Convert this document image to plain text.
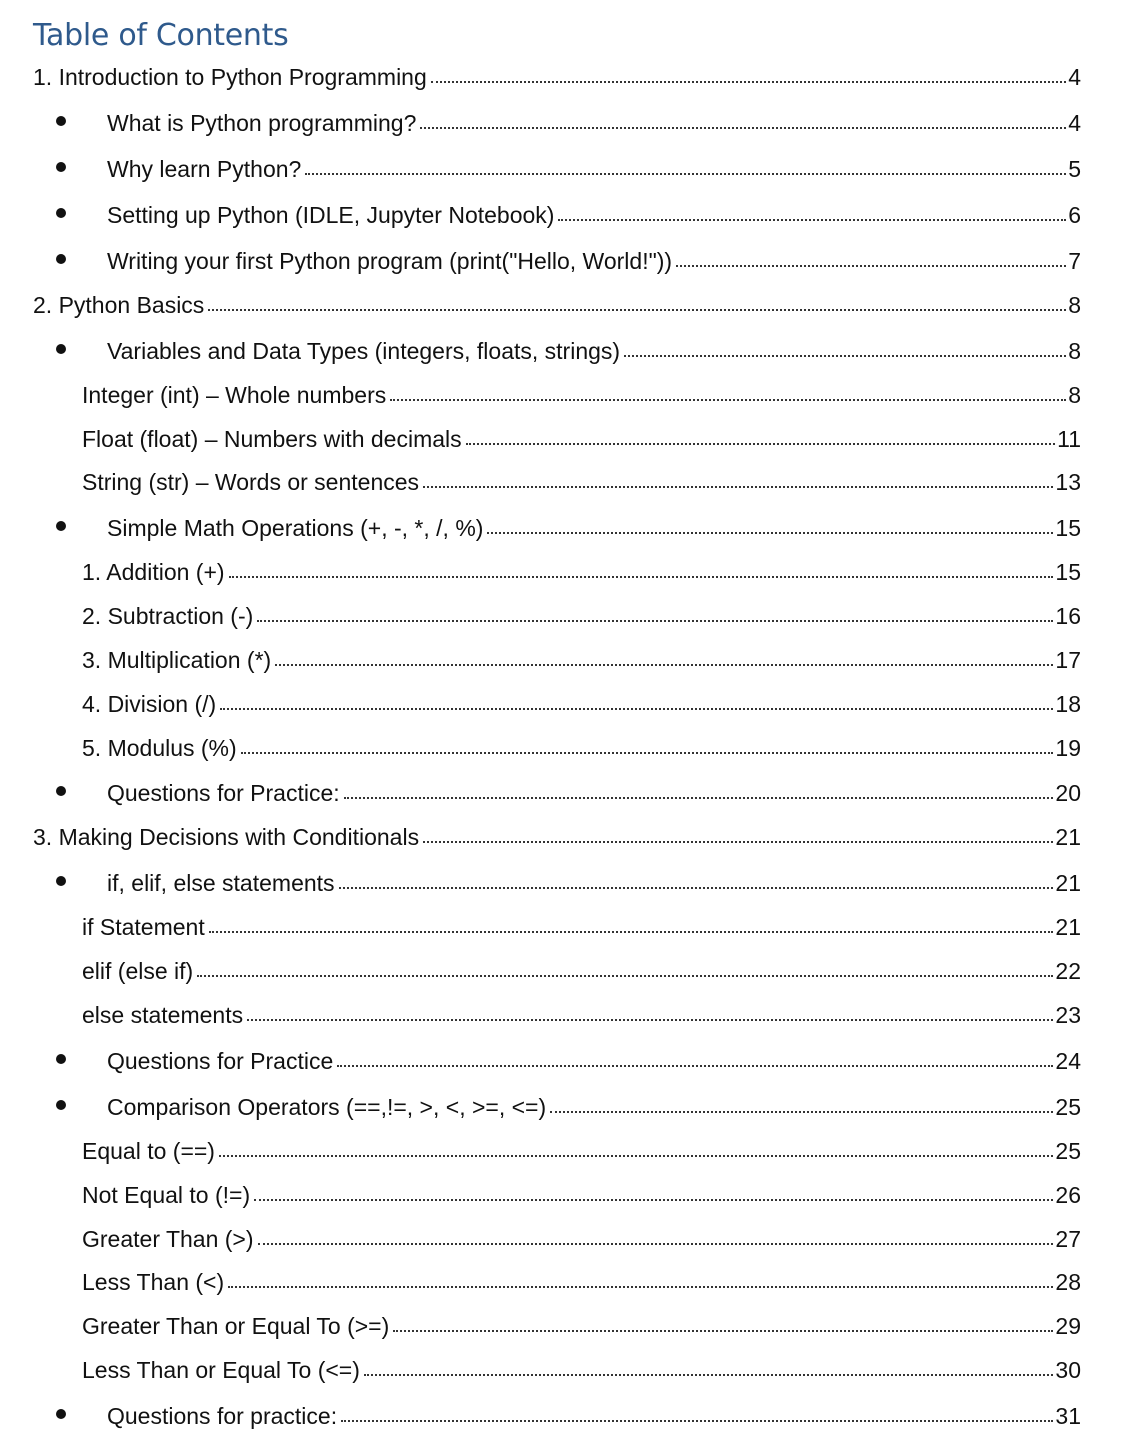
Table of Contents
1. Introduction to Python Programming	4
What is Python programming?	4
Why learn Python?	5
Setting up Python (IDLE, Jupyter Notebook)	6
Writing your first Python program (print("Hello, World!"))	7
2. Python Basics	8
Variables and Data Types (integers, floats, strings)	8
Integer (int) – Whole numbers	8
Float (float) – Numbers with decimals	11
String (str) – Words or sentences	13
Simple Math Operations (+, -, *, /, %)	15
1. Addition (+)	15
2. Subtraction (-)	16
3. Multiplication (*)	17
4. Division (/)	18
5. Modulus (%)	19
Questions for Practice:	20
3. Making Decisions with Conditionals	21
if, elif, else statements	21
if Statement	21
elif (else if)	22
else statements	23
Questions for Practice	24
Comparison Operators (==,!=, >, <, >=, <=)	25
Equal to (==)	25
Not Equal to (!=)	26
Greater Than (>)	27
Less Than (<)	28
Greater Than or Equal To (>=)	29
Less Than or Equal To (<=)	30
Questions for practice:	31
